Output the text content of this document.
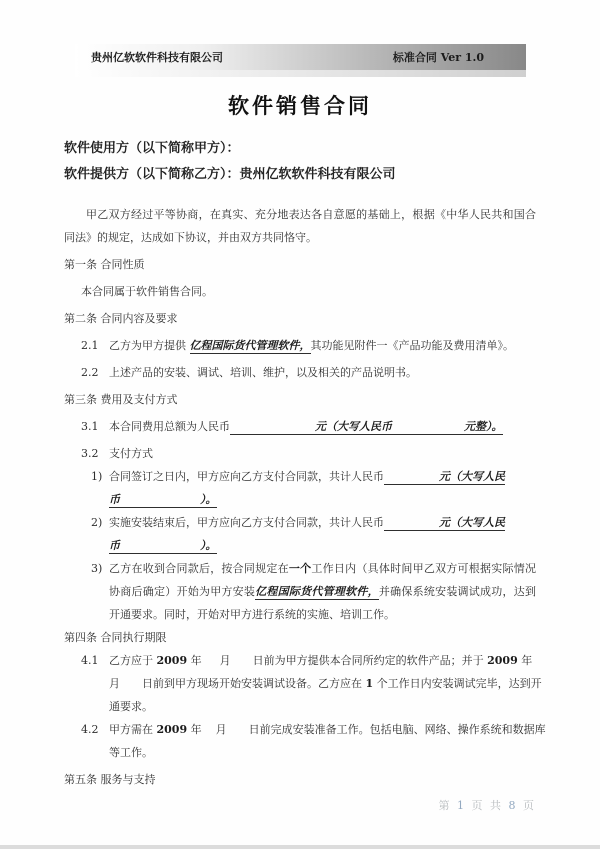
贵州亿软软件科技有限公司	标准合同 Ver 1.0
软件销售合同
软件使用方（以下简称甲方）：
软件提供方（以下简称乙方）：贵州亿软软件科技有限公司

甲乙双方经过平等协商，在真实、充分地表达各自意愿的基础上，根据《中华人民共和国合同法》的规定，达成如下协议，并由双方共同恪守。

第一条 合同性质
本合同属于软件销售合同。
第二条 合同内容及要求
2.1 乙方为甲方提供 亿程国际货代管理软件，其功能见附件一《产品功能及费用清单》。
2.2 上述产品的安装、调试、培训、维护，以及相关的产品说明书。
第三条 费用及支付方式
3.1 本合同费用总额为人民币	元（大写人民币	元整）。
3.2 支付方式
1) 合同签订之日内，甲方应向乙方支付合同款，共计人民币	元（大写人民
币	）。
2) 实施安装结束后，甲方应向乙方支付合同款，共计人民币	元（大写人民
币	）。
3) 乙方在收到合同款后，按合同规定在一个工作日内（具体时间甲乙双方可根据实际情况协商后确定）开始为甲方安装亿程国际货代管理软件，并确保系统安装调试成功，达到开通要求。同时，开始对甲方进行系统的实施、培训工作。
第四条 合同执行期限
4.1 乙方应于 2009 年 月 日前为甲方提供本合同所约定的软件产品；并于 2009 年
月 日前到甲方现场开始安装调试设备。乙方应在 1 个工作日内安装调试完毕，达到开
通要求。
4.2 甲方需在 2009 年 月 日前完成安装准备工作。包括电脑、网络、操作系统和数据库
等工作。
第五条 服务与支持
第 1 页 共 8 页
